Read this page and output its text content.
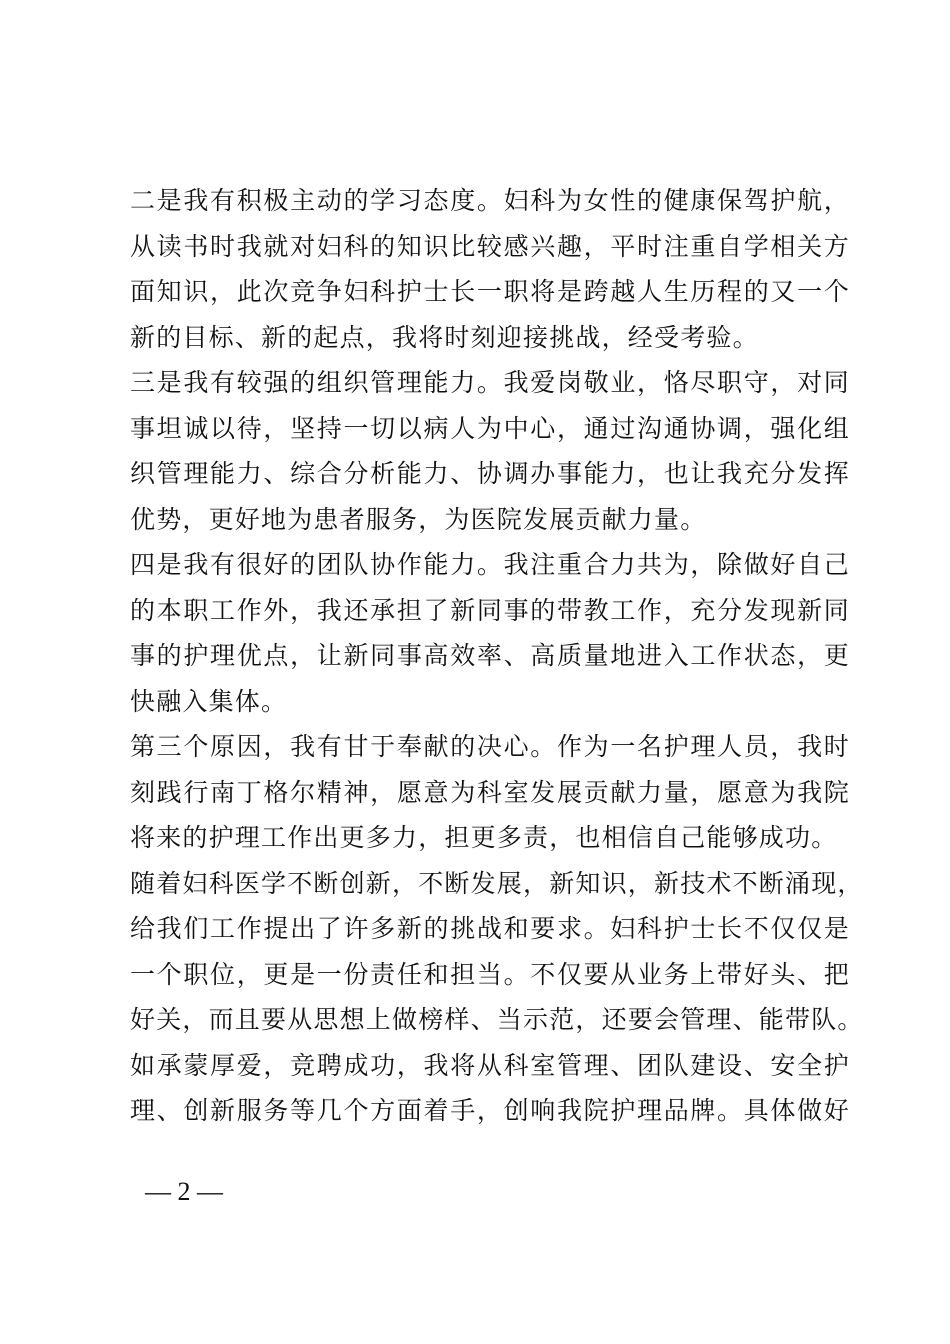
二是我有积极主动的学习态度。妇科为女性的健康保驾护航，
从读书时我就对妇科的知识比较感兴趣，平时注重自学相关方
面知识，此次竞争妇科护士长一职将是跨越人生历程的又一个
新的目标、新的起点，我将时刻迎接挑战，经受考验。
三是我有较强的组织管理能力。我爱岗敬业，恪尽职守，对同
事坦诚以待，坚持一切以病人为中心，通过沟通协调，强化组
织管理能力、综合分析能力、协调办事能力，也让我充分发挥
优势，更好地为患者服务，为医院发展贡献力量。
四是我有很好的团队协作能力。我注重合力共为，除做好自己
的本职工作外，我还承担了新同事的带教工作，充分发现新同
事的护理优点，让新同事高效率、高质量地进入工作状态，更
快融入集体。
第三个原因，我有甘于奉献的决心。作为一名护理人员，我时
刻践行南丁格尔精神，愿意为科室发展贡献力量，愿意为我院
将来的护理工作出更多力，担更多责，也相信自己能够成功。
随着妇科医学不断创新，不断发展，新知识，新技术不断涌现，
给我们工作提出了许多新的挑战和要求。妇科护士长不仅仅是
一个职位，更是一份责任和担当。不仅要从业务上带好头、把
好关，而且要从思想上做榜样、当示范，还要会管理、能带队。
如承蒙厚爱，竞聘成功，我将从科室管理、团队建设、安全护
理、创新服务等几个方面着手，创响我院护理品牌。具体做好
— 2 —
